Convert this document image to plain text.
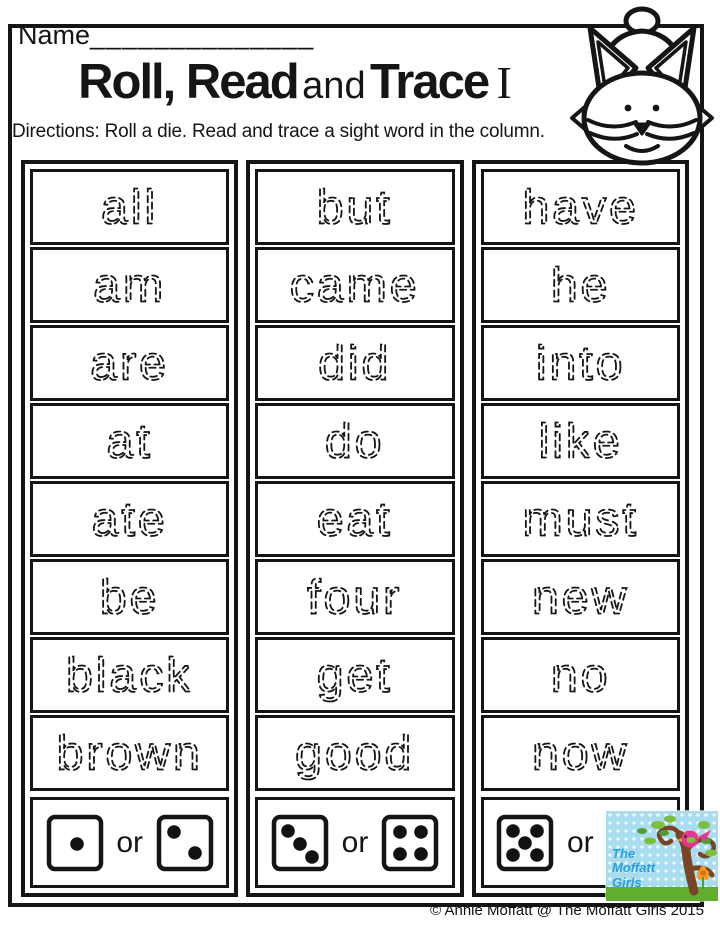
Name______________
Roll, Read and Trace I
Directions: Roll a die. Read and trace a sight word in the column.
all
am
are
at
ate
be
black
brown
or
but
came
did
do
eat
four
get
good
or
have
he
into
like
must
new
no
now
or The
Moffatt
Girls
© Annie Moffatt @ The Moffatt Girls 2015
